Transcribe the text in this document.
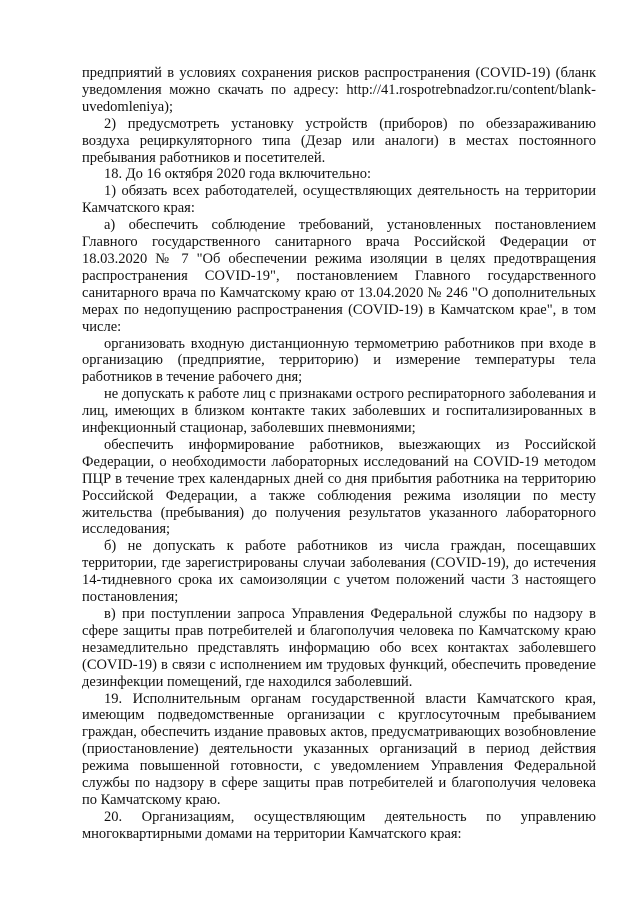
предприятий в условиях сохранения рисков распространения (COVID-19) (бланк уведомления можно скачать по адресу: http://41.rospotrebnadzor.ru/content/blank-uvedomleniya);

2) предусмотреть установку устройств (приборов) по обеззараживанию воздуха рециркуляторного типа (Дезар или аналоги) в местах постоянного пребывания работников и посетителей.

18. До 16 октября 2020 года включительно:

1) обязать всех работодателей, осуществляющих деятельность на территории Камчатского края:

а) обеспечить соблюдение требований, установленных постановлением Главного государственного санитарного врача Российской Федерации от 18.03.2020 № 7 "Об обеспечении режима изоляции в целях предотвращения распространения COVID-19", постановлением Главного государственного санитарного врача по Камчатскому краю от 13.04.2020 № 246 "О дополнительных мерах по недопущению распространения (COVID-19) в Камчатском крае", в том числе:

организовать входную дистанционную термометрию работников при входе в организацию (предприятие, территорию) и измерение температуры тела работников в течение рабочего дня;

не допускать к работе лиц с признаками острого респираторного заболевания и лиц, имеющих в близком контакте таких заболевших и госпитализированных в инфекционный стационар, заболевших пневмониями;

обеспечить информирование работников, выезжающих из Российской Федерации, о необходимости лабораторных исследований на COVID-19 методом ПЦР в течение трех календарных дней со дня прибытия работника на территорию Российской Федерации, а также соблюдения режима изоляции по месту жительства (пребывания) до получения результатов указанного лабораторного исследования;

б) не допускать к работе работников из числа граждан, посещавших территории, где зарегистрированы случаи заболевания (COVID-19), до истечения 14-тидневного срока их самоизоляции с учетом положений части 3 настоящего постановления;

в) при поступлении запроса Управления Федеральной службы по надзору в сфере защиты прав потребителей и благополучия человека по Камчатскому краю незамедлительно представлять информацию обо всех контактах заболевшего (COVID-19) в связи с исполнением им трудовых функций, обеспечить проведение дезинфекции помещений, где находился заболевший.

19. Исполнительным органам государственной власти Камчатского края, имеющим подведомственные организации с круглосуточным пребыванием граждан, обеспечить издание правовых актов, предусматривающих возобновление (приостановление) деятельности указанных организаций в период действия режима повышенной готовности, с уведомлением Управления Федеральной службы по надзору в сфере защиты прав потребителей и благополучия человека по Камчатскому краю.

20. Организациям, осуществляющим деятельность по управлению многоквартирными домами на территории Камчатского края:
